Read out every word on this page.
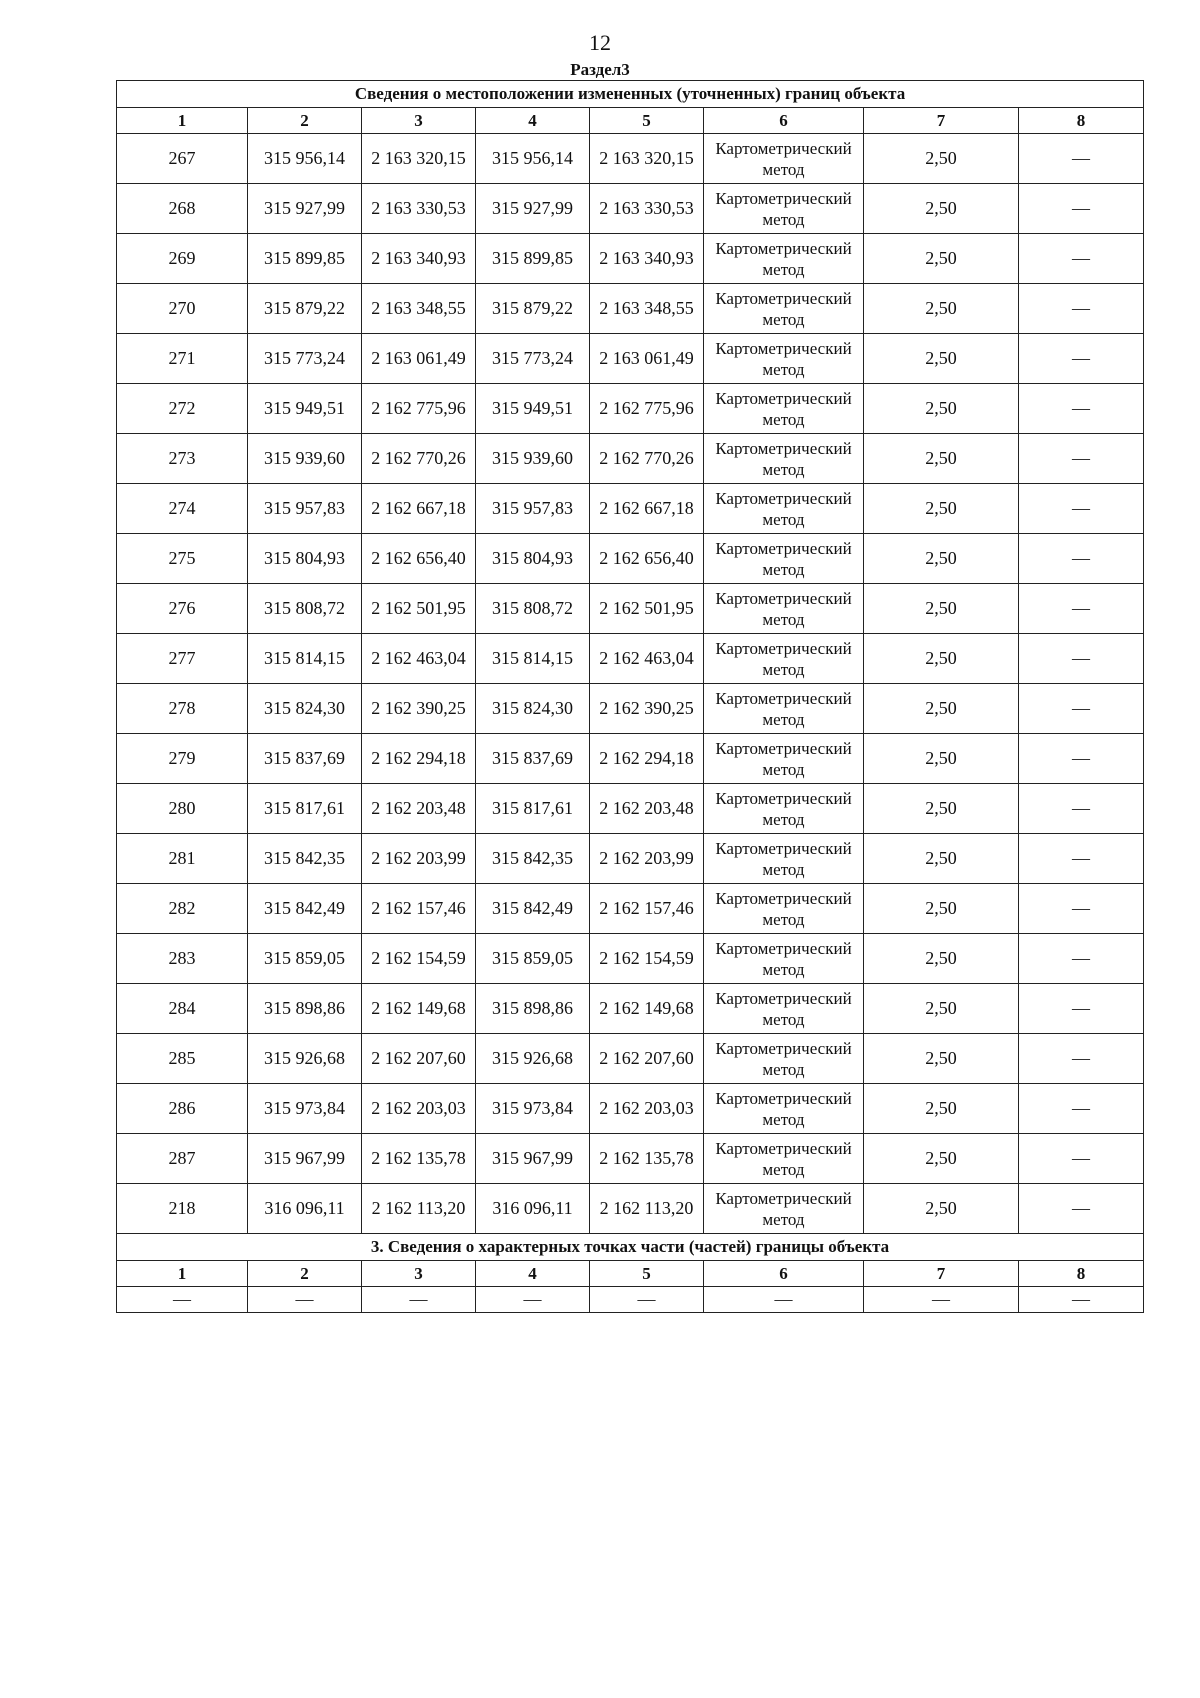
12
Раздел3
Сведения о местоположении измененных (уточненных) границ объекта							
1	2	3	4	5	6	7	8
267	315 956,14	2 163 320,15	315 956,14	2 163 320,15	Картометрический метод	2,50	—
268	315 927,99	2 163 330,53	315 927,99	2 163 330,53	Картометрический метод	2,50	—
269	315 899,85	2 163 340,93	315 899,85	2 163 340,93	Картометрический метод	2,50	—
270	315 879,22	2 163 348,55	315 879,22	2 163 348,55	Картометрический метод	2,50	—
271	315 773,24	2 163 061,49	315 773,24	2 163 061,49	Картометрический метод	2,50	—
272	315 949,51	2 162 775,96	315 949,51	2 162 775,96	Картометрический метод	2,50	—
273	315 939,60	2 162 770,26	315 939,60	2 162 770,26	Картометрический метод	2,50	—
274	315 957,83	2 162 667,18	315 957,83	2 162 667,18	Картометрический метод	2,50	—
275	315 804,93	2 162 656,40	315 804,93	2 162 656,40	Картометрический метод	2,50	—
276	315 808,72	2 162 501,95	315 808,72	2 162 501,95	Картометрический метод	2,50	—
277	315 814,15	2 162 463,04	315 814,15	2 162 463,04	Картометрический метод	2,50	—
278	315 824,30	2 162 390,25	315 824,30	2 162 390,25	Картометрический метод	2,50	—
279	315 837,69	2 162 294,18	315 837,69	2 162 294,18	Картометрический метод	2,50	—
280	315 817,61	2 162 203,48	315 817,61	2 162 203,48	Картометрический метод	2,50	—
281	315 842,35	2 162 203,99	315 842,35	2 162 203,99	Картометрический метод	2,50	—
282	315 842,49	2 162 157,46	315 842,49	2 162 157,46	Картометрический метод	2,50	—
283	315 859,05	2 162 154,59	315 859,05	2 162 154,59	Картометрический метод	2,50	—
284	315 898,86	2 162 149,68	315 898,86	2 162 149,68	Картометрический метод	2,50	—
285	315 926,68	2 162 207,60	315 926,68	2 162 207,60	Картометрический метод	2,50	—
286	315 973,84	2 162 203,03	315 973,84	2 162 203,03	Картометрический метод	2,50	—
287	315 967,99	2 162 135,78	315 967,99	2 162 135,78	Картометрический метод	2,50	—
218	316 096,11	2 162 113,20	316 096,11	2 162 113,20	Картометрический метод	2,50	—
3. Сведения о характерных точках части (частей) границы объекта							
1	2	3	4	5	6	7	8
—	—	—	—	—	—	—	—
